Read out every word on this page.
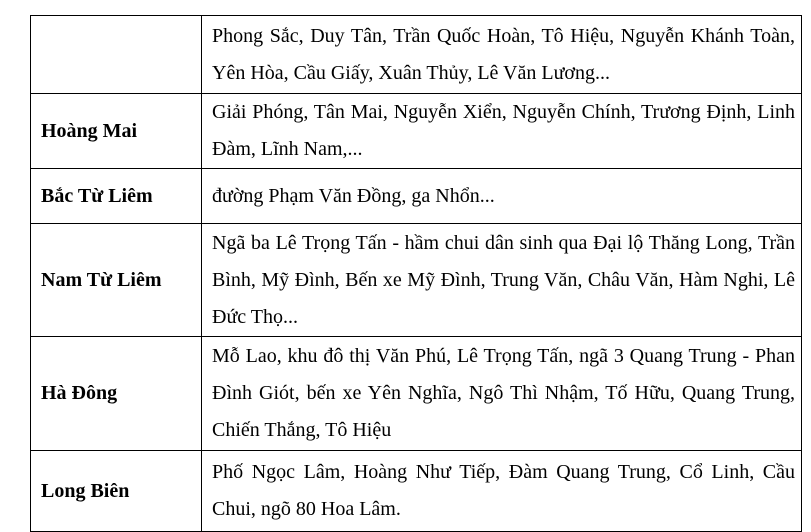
	Phong Sắc, Duy Tân, Trần Quốc Hoàn, Tô Hiệu, Nguyễn Khánh Toàn, Yên Hòa, Cầu Giấy, Xuân Thủy, Lê Văn Lương...
Hoàng Mai	Giải Phóng, Tân Mai, Nguyễn Xiển, Nguyễn Chính, Trương Định, Linh Đàm, Lĩnh Nam,...
Bắc Từ Liêm	đường Phạm Văn Đồng, ga Nhổn...
Nam Từ Liêm	Ngã ba Lê Trọng Tấn - hầm chui dân sinh qua Đại lộ Thăng Long, Trần Bình, Mỹ Đình, Bến xe Mỹ Đình, Trung Văn, Châu Văn, Hàm Nghi, Lê Đức Thọ...
Hà Đông	Mỗ Lao, khu đô thị Văn Phú, Lê Trọng Tấn, ngã 3 Quang Trung - Phan Đình Giót, bến xe Yên Nghĩa, Ngô Thì Nhậm, Tố Hữu, Quang Trung, Chiến Thắng, Tô Hiệu
Long Biên	Phố Ngọc Lâm, Hoàng Như Tiếp, Đàm Quang Trung, Cổ Linh, Cầu Chui, ngõ 80 Hoa Lâm.
